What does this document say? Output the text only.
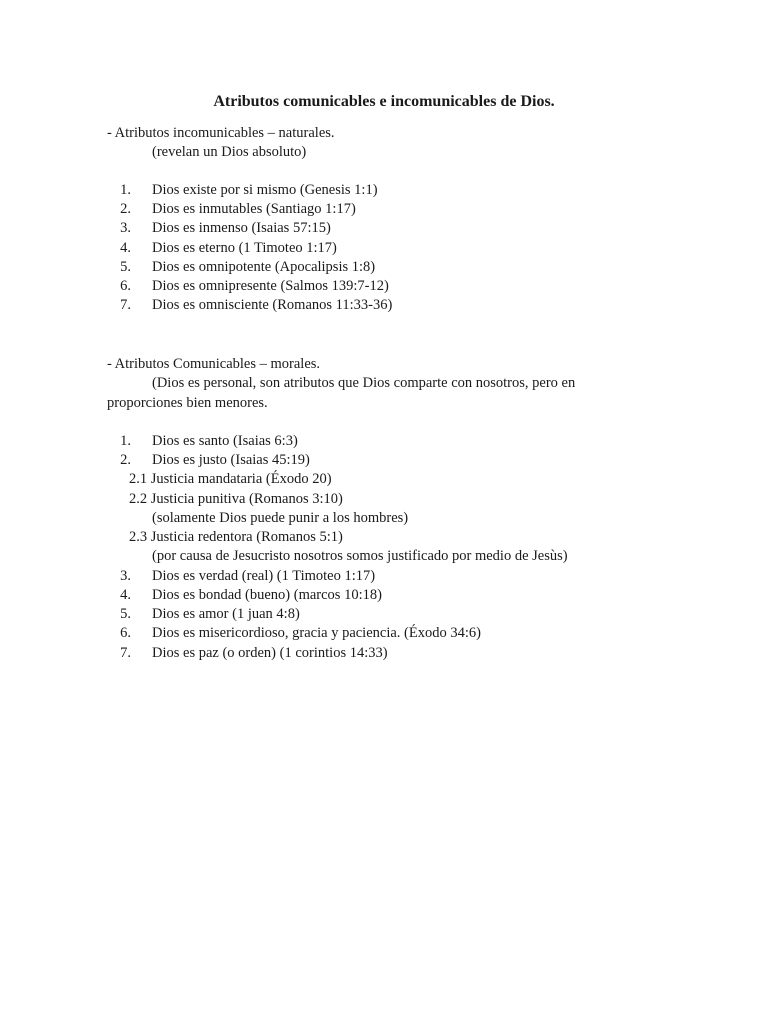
Atributos comunicables e incomunicables de Dios.
- Atributos incomunicables – naturales.
(revelan un Dios absoluto)
1. Dios existe por si mismo (Genesis 1:1)
2. Dios es inmutables (Santiago 1:17)
3. Dios es inmenso (Isaias 57:15)
4. Dios es eterno (1 Timoteo 1:17)
5. Dios es omnipotente (Apocalipsis 1:8)
6. Dios es omnipresente (Salmos 139:7-12)
7. Dios es omnisciente (Romanos 11:33-36)
- Atributos Comunicables – morales.
(Dios es personal, son atributos que Dios comparte con nosotros, pero en
proporciones bien menores.
1. Dios es santo (Isaias 6:3)
2. Dios es justo (Isaias 45:19)
2.1 Justicia mandataria (Éxodo 20)
2.2 Justicia punitiva (Romanos 3:10)
(solamente Dios puede punir a los hombres)
2.3 Justicia redentora (Romanos 5:1)
(por causa de Jesucristo nosotros somos justificado por medio de Jesùs)
3. Dios es verdad (real) (1 Timoteo 1:17)
4. Dios es bondad (bueno) (marcos 10:18)
5. Dios es amor (1 juan 4:8)
6. Dios es misericordioso, gracia y paciencia. (Éxodo 34:6)
7. Dios es paz (o orden) (1 corintios 14:33)
